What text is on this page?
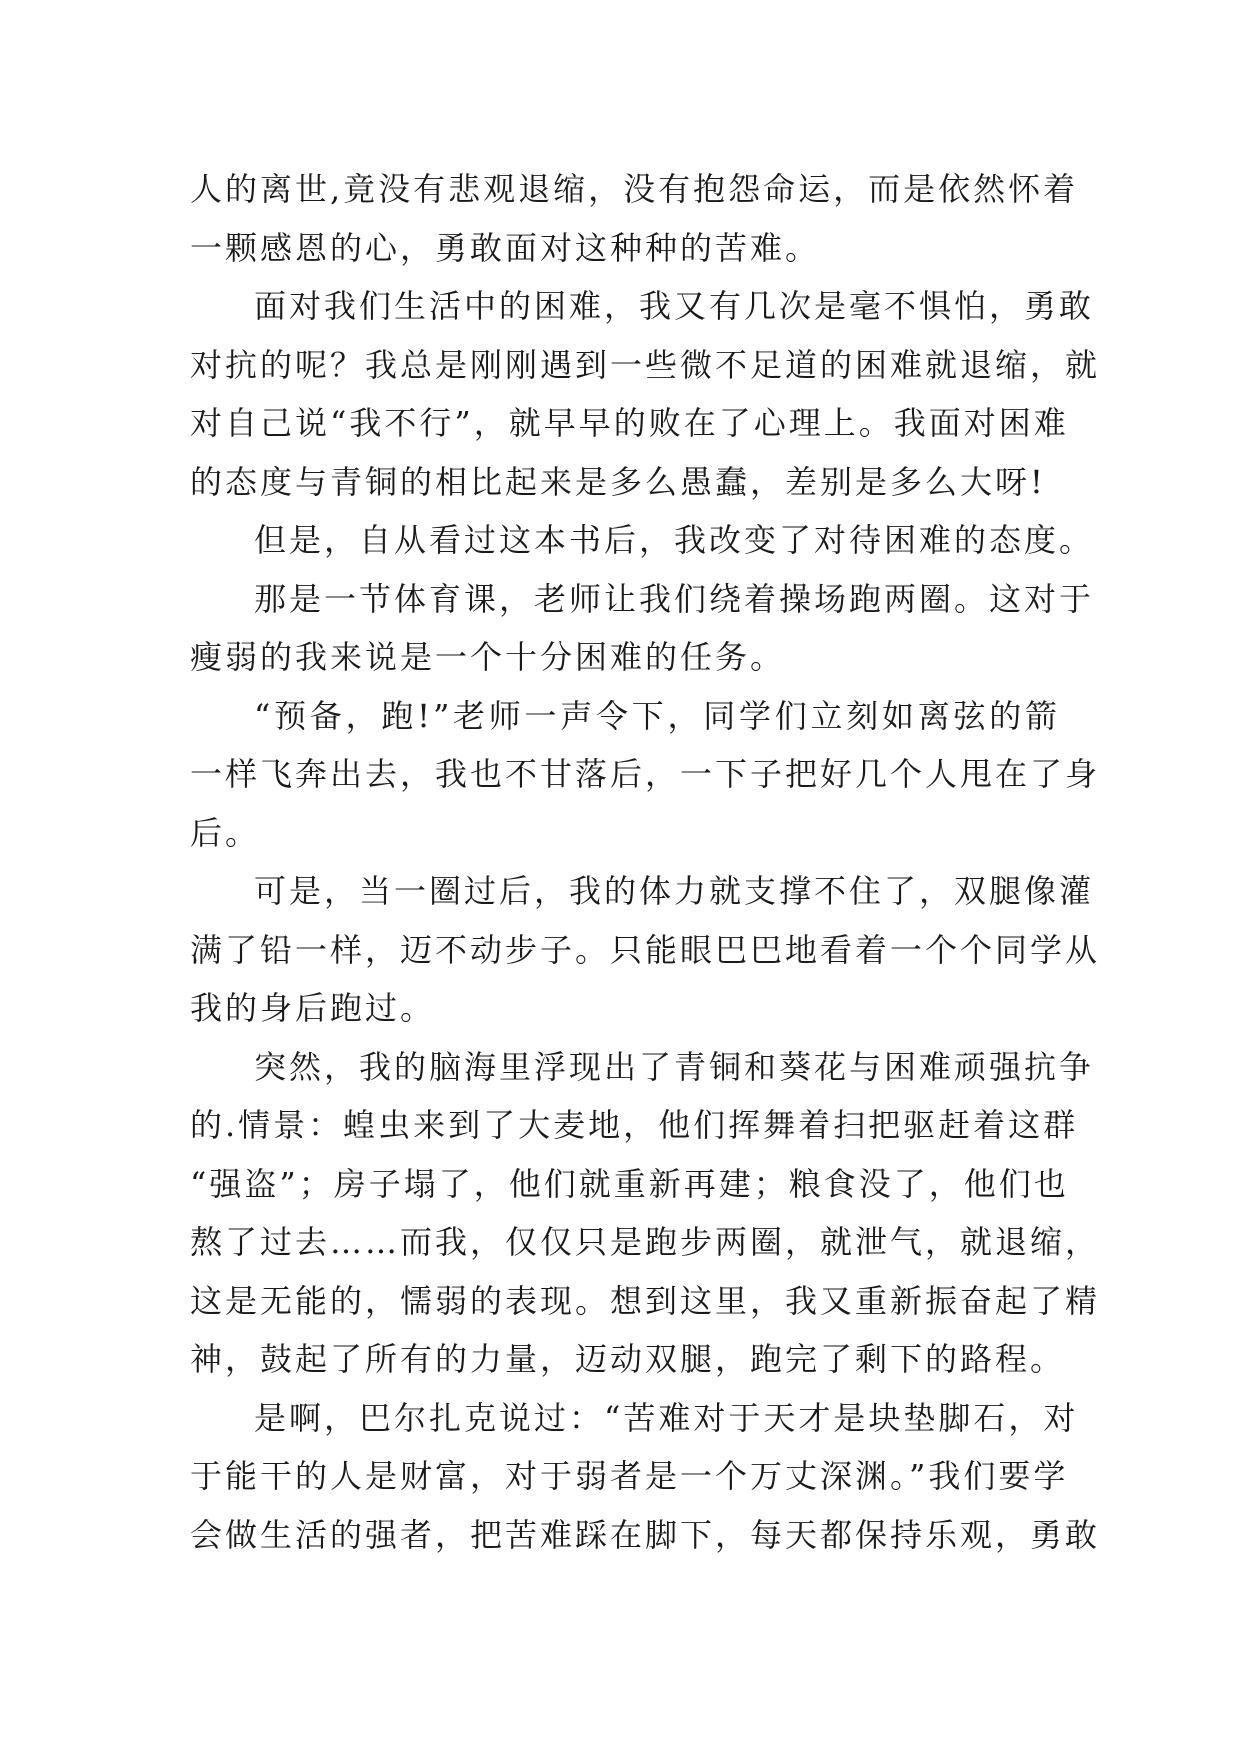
人的离世,竟没有悲观退缩，没有抱怨命运，而是依然怀着
一颗感恩的心，勇敢面对这种种的苦难。
面对我们生活中的困难，我又有几次是毫不惧怕，勇敢
对抗的呢？我总是刚刚遇到一些微不足道的困难就退缩，就
对自己说“我不行”，就早早的败在了心理上。我面对困难
的态度与青铜的相比起来是多么愚蠢，差别是多么大呀!
但是，自从看过这本书后，我改变了对待困难的态度。
那是一节体育课，老师让我们绕着操场跑两圈。这对于
瘦弱的我来说是一个十分困难的任务。
“预备，跑!”老师一声令下，同学们立刻如离弦的箭
一样飞奔出去，我也不甘落后，一下子把好几个人甩在了身
后。
可是，当一圈过后，我的体力就支撑不住了，双腿像灌
满了铅一样，迈不动步子。只能眼巴巴地看着一个个同学从
我的身后跑过。
突然，我的脑海里浮现出了青铜和葵花与困难顽强抗争
的.情景：蝗虫来到了大麦地，他们挥舞着扫把驱赶着这群
“强盗”；房子塌了，他们就重新再建；粮食没了，他们也
熬了过去……而我，仅仅只是跑步两圈，就泄气，就退缩，
这是无能的，懦弱的表现。想到这里，我又重新振奋起了精
神，鼓起了所有的力量，迈动双腿，跑完了剩下的路程。
是啊，巴尔扎克说过：“苦难对于天才是块垫脚石，对
于能干的人是财富，对于弱者是一个万丈深渊。”我们要学
会做生活的强者，把苦难踩在脚下，每天都保持乐观，勇敢
